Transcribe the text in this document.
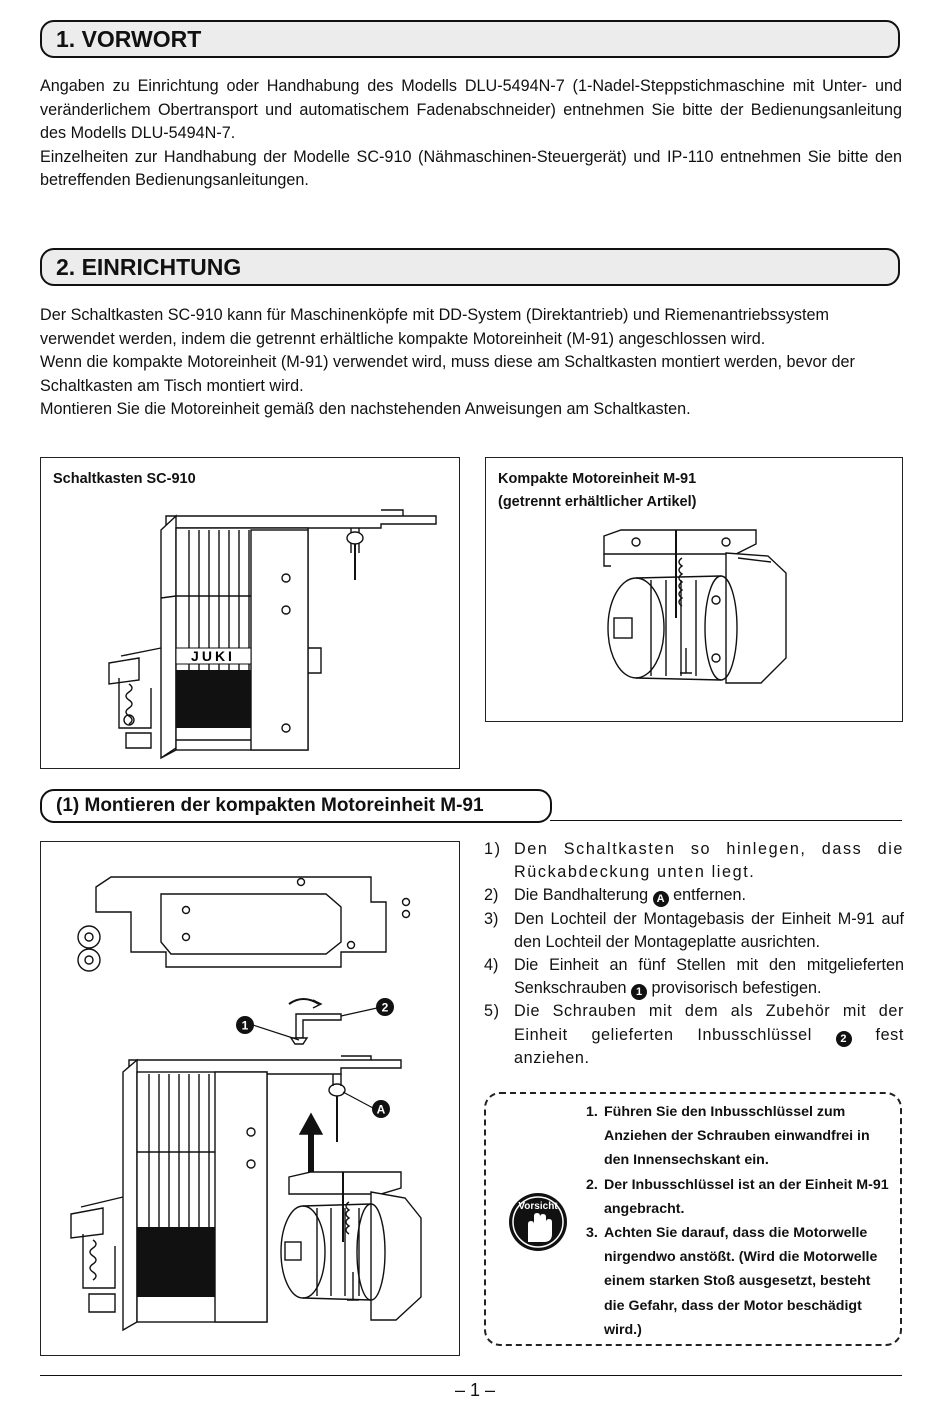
1. VORWORT

Angaben zu Einrichtung oder Handhabung des Modells DLU-5494N-7 (1-Nadel-Steppstichmaschine mit Unter- und veränderlichem Obertransport und automatischem Fadenabschneider) entnehmen Sie bitte der Bedienungsanleitung des Modells DLU-5494N-7.

Einzelheiten zur Handhabung der Modelle SC-910 (Nähmaschinen-Steuergerät) und IP-110 entnehmen Sie bitte den betreffenden Bedienungsanleitungen.

2. EINRICHTUNG

Der Schaltkasten SC-910 kann für Maschinenköpfe mit DD-System (Direktantrieb) und Riemenantriebssystem verwendet werden, indem die getrennt erhältliche kompakte Motoreinheit (M-91) angeschlossen wird.

Wenn die kompakte Motoreinheit (M-91) verwendet wird, muss diese am Schaltkasten montiert werden, bevor der Schaltkasten am Tisch montiert wird.

Montieren Sie die Motoreinheit gemäß den nachstehenden Anweisungen am Schaltkasten.

Schaltkasten SC-910
JUKI
Kompakte Motoreinheit M-91
(getrennt erhältlicher Artikel)
(1) Montieren der kompakten Motoreinheit M-91
1
2
A
1) Den Schaltkasten so hinlegen, dass die Rückabdeckung unten liegt.
2) Die Bandhalterung A entfernen.
3) Den Lochteil der Montagebasis der Einheit M-91 auf den Lochteil der Montageplatte ausrichten.
4) Die Einheit an fünf Stellen mit den mitgelieferten Senkschrauben 1 provisorisch befestigen.
5) Die Schrauben mit dem als Zubehör mit der Einheit gelieferten Inbusschlüssel	2 fest anziehen.
Vorsicht
1. Führen Sie den Inbusschlüssel zum Anziehen der Schrauben einwandfrei in den Innensechskant ein.
2. Der Inbusschlüssel ist an der Einheit M-91 angebracht.
3. Achten Sie darauf, dass die Motorwelle nirgendwo anstößt. (Wird die Motorwelle einem starken Stoß ausgesetzt, besteht die Gefahr, dass der Motor beschädigt wird.)
– 1 –
